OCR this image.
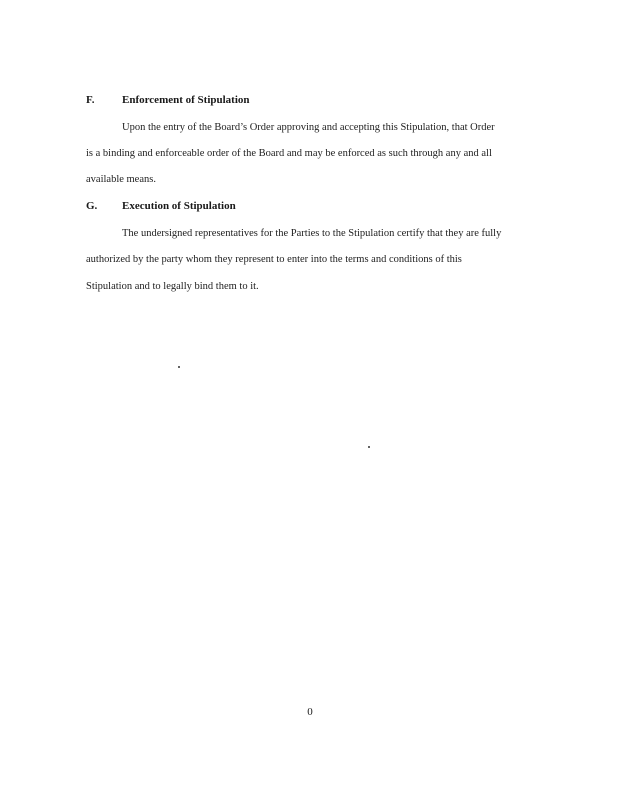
F.	Enforcement of Stipulation
Upon the entry of the Board’s Order approving and accepting this Stipulation, that Order
is a binding and enforceable order of the Board and may be enforced as such through any and all
available means.
G. Execution of Stipulation
The undersigned representatives for the Parties to the Stipulation certify that they are fully
authorized by the party whom they represent to enter into the terms and conditions of this
Stipulation and to legally bind them to it.
0
